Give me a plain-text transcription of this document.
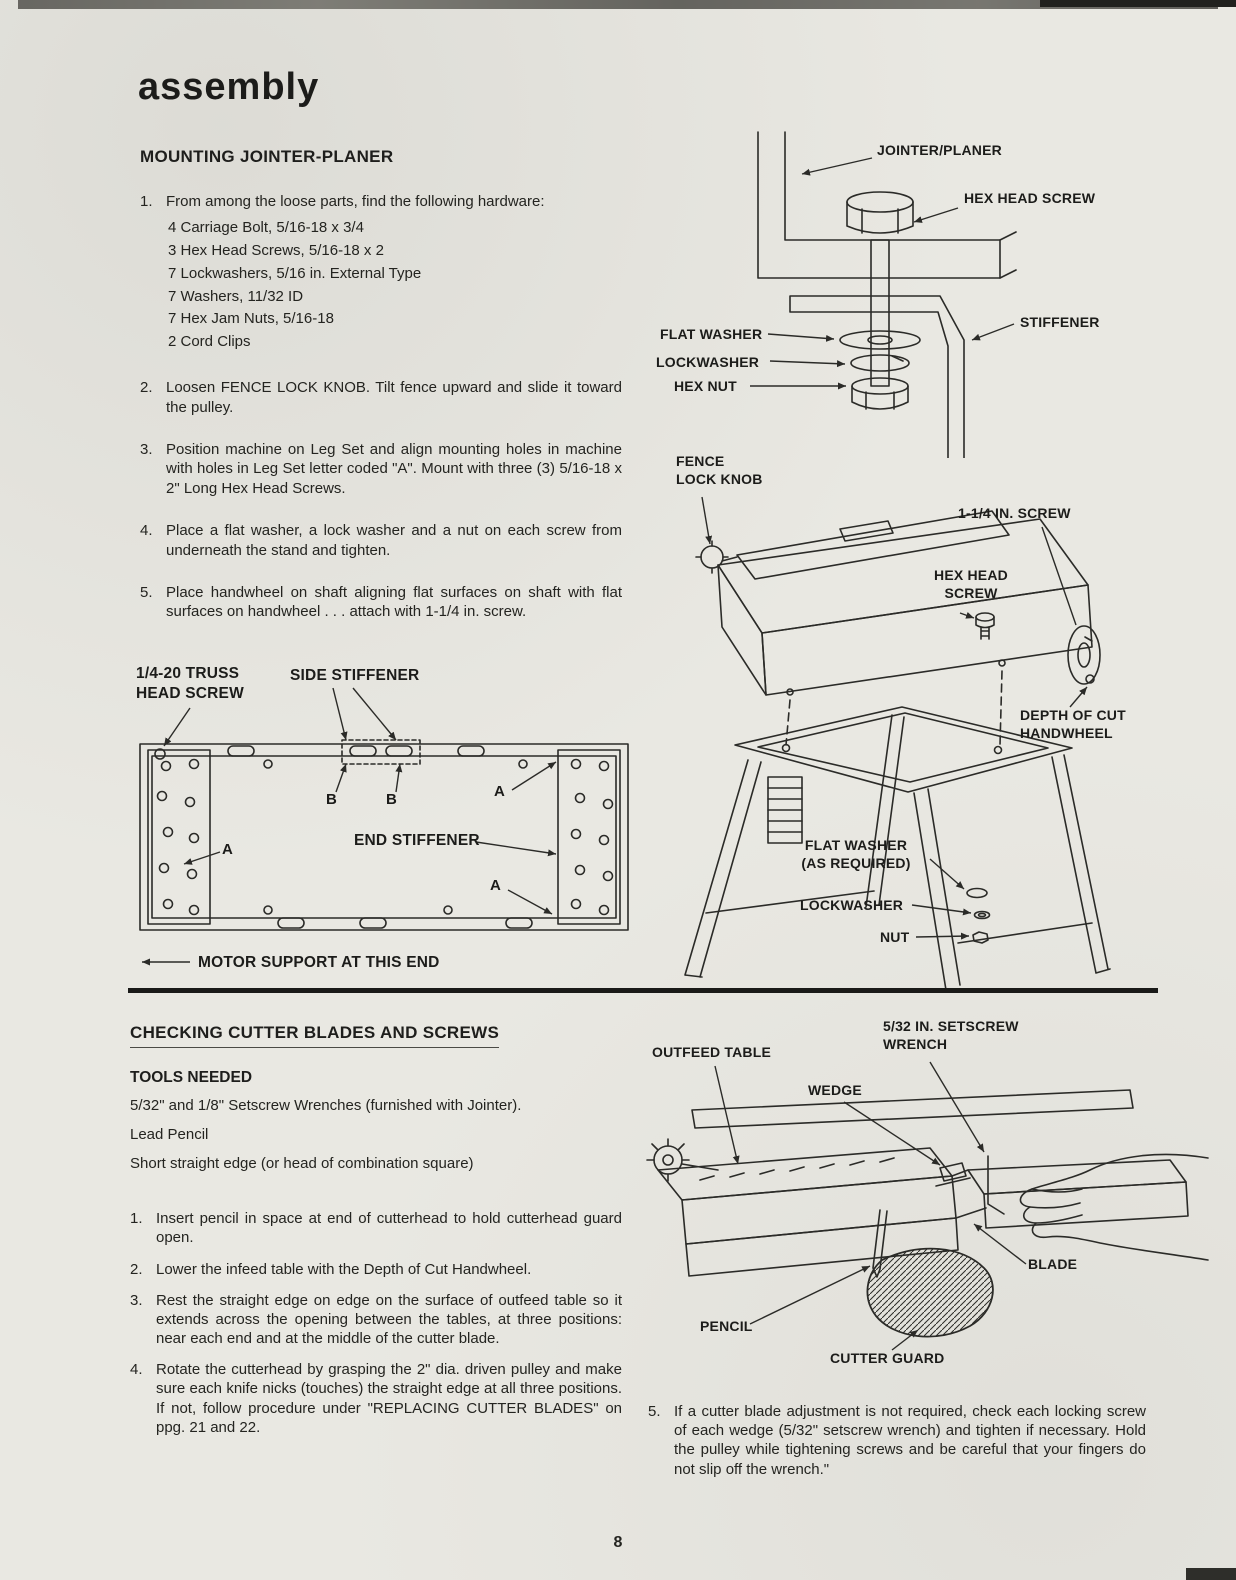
assembly
MOUNTING JOINTER-PLANER
1. From among the loose parts, find the following hardware:
4 Carriage Bolt, 5/16-18 x 3/4
3 Hex Head Screws, 5/16-18 x 2
7 Lockwashers, 5/16 in. External Type
7 Washers, 11/32 ID
7 Hex Jam Nuts, 5/16-18
2 Cord Clips
2. Loosen FENCE LOCK KNOB. Tilt fence upward and slide it toward the pulley.
3. Position machine on Leg Set and align mounting holes in machine with holes in Leg Set letter coded "A". Mount with three (3) 5/16-18 x 2" Long Hex Head Screws.
4. Place a flat washer, a lock washer and a nut on each screw from underneath the stand and tighten.
5. Place handwheel on shaft aligning flat surfaces on shaft with flat surfaces on handwheel . . . attach with 1-1/4 in. screw.
JOINTER/PLANER
HEX HEAD SCREW
STIFFENER
FLAT WASHER
LOCKWASHER
HEX NUT
FENCE LOCK KNOB
1-1/4 IN. SCREW
HEX HEAD SCREW
DEPTH OF CUT HANDWHEEL
FLAT WASHER (AS REQUIRED)
LOCKWASHER
NUT
1/4-20 TRUSS HEAD SCREW
SIDE STIFFENER
B	B	A
A
A
END STIFFENER
MOTOR SUPPORT AT THIS END
CHECKING CUTTER BLADES AND SCREWS
TOOLS NEEDED
5/32" and 1/8" Setscrew Wrenches (furnished with Jointer).
Lead Pencil
Short straight edge (or head of combination square)
1. Insert pencil in space at end of cutterhead to hold cutterhead guard open.
2. Lower the infeed table with the Depth of Cut Handwheel.
3. Rest the straight edge on edge on the surface of outfeed table so it extends across the opening between the tables, at three positions: near each end and at the middle of the cutter blade.
4. Rotate the cutterhead by grasping the 2" dia. driven pulley and make sure each knife nicks (touches) the straight edge at all three positions. If not, follow procedure under "REPLACING CUTTER BLADES" on ppg. 21 and 22.
OUTFEED TABLE
5/32 IN. SETSCREW WRENCH
WEDGE
BLADE
PENCIL
CUTTER GUARD
5. If a cutter blade adjustment is not required, check each locking screw of each wedge (5/32" setscrew wrench) and tighten if necessary. Hold the pulley while tightening screws and be careful that your fingers do not slip off the wrench."
8
